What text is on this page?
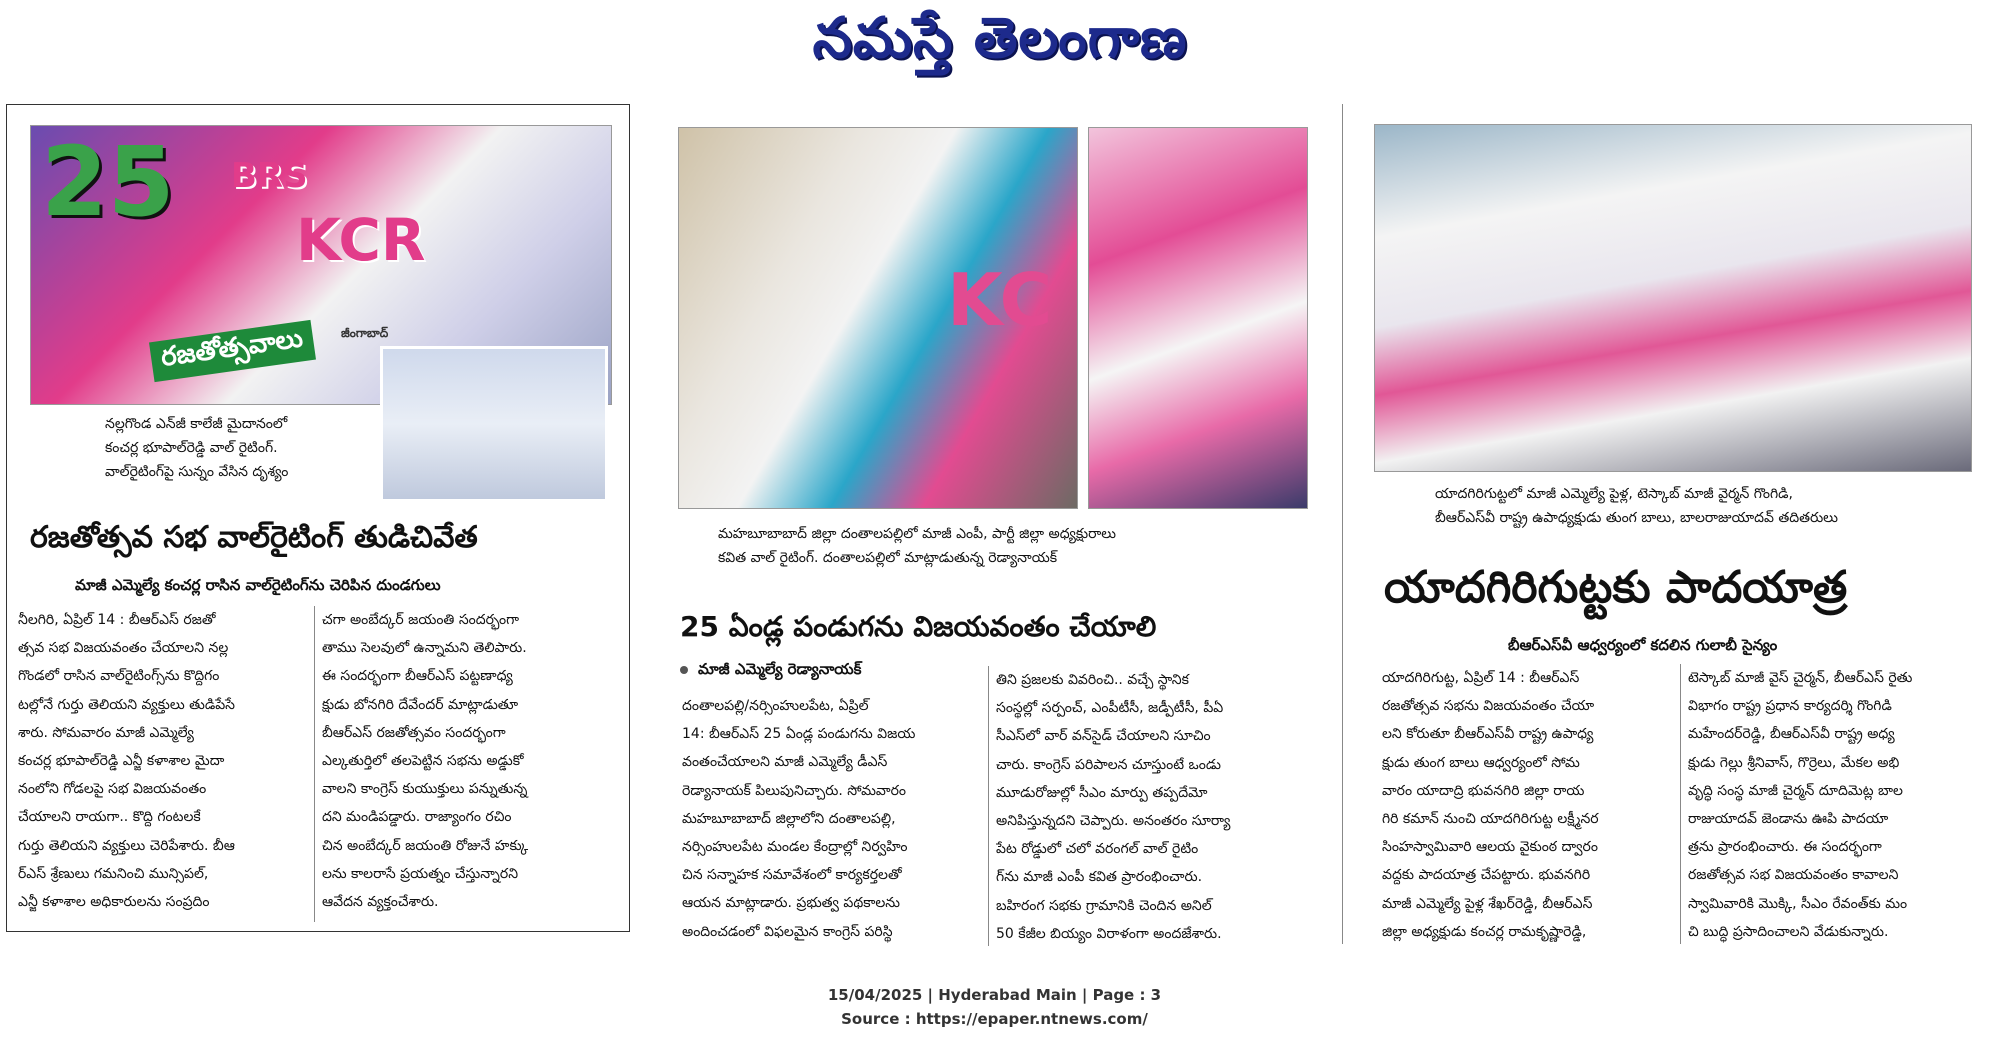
నమస్తే తెలంగాణ
25 BRS
KCR
రజతోత్సవాలు	జీంగాబాద్
నల్లగొండ ఎన్‌జీ కాలేజీ మైదానంలో
కంచర్ల భూపాల్‌రెడ్డి వాల్ రైటింగ్.
వాల్‌రైటింగ్‌పై సున్నం వేసిన దృశ్యం
రజతోత్సవ సభ వాల్‌రైటింగ్ తుడిచివేత
మాజీ ఎమ్మెల్యే కంచర్ల రాసిన వాల్‌రైటింగ్‌ను చెరిపిన దుండగులు
నీలగిరి, ఏప్రిల్ 14 : బీఆర్‌ఎస్ రజతో
త్సవ సభ విజయవంతం చేయాలని నల్ల
గొండలో రాసిన వాల్‌రైటింగ్స్‌ను కొద్దిగం
టల్లోనే గుర్తు తెలియని వ్యక్తులు తుడిపేసే
శారు. సోమవారం మాజీ ఎమ్మెల్యే
కంచర్ల భూపాల్‌రెడ్డి ఎన్జీ కళాశాల మైదా
నంలోని గోడలపై సభ విజయవంతం
చేయాలని రాయగా.. కొద్ది గంటలకే
గుర్తు తెలియని వ్యక్తులు చెరిపేశారు. బీఆ
ర్‌ఎస్ శ్రేణులు గమనించి మున్సిపల్,
ఎన్జీ కళాశాల అధికారులను సంప్రదిం
చగా అంబేద్కర్ జయంతి సందర్భంగా
తాము సెలవులో ఉన్నామని తెలిపారు.
ఈ సందర్భంగా బీఆర్‌ఎస్ పట్టణాధ్య
క్షుడు బోనగిరి దేవేందర్ మాట్లాడుతూ
బీఆర్‌ఎస్ రజతోత్సవం సందర్భంగా
ఎల్కతుర్తిలో తలపెట్టిన సభను అడ్డుకో
వాలని కాంగ్రెస్ కుయుక్తులు పన్నుతున్న
దని మండిపడ్డారు. రాజ్యాంగం రచిం
చిన అంబేద్కర్ జయంతి రోజునే హక్కు
లను కాలరాసే ప్రయత్నం చేస్తున్నారని
ఆవేదన వ్యక్తంచేశారు.
KC
మహబూబాబాద్ జిల్లా దంతాలపల్లిలో మాజీ ఎంపీ, పార్టీ జిల్లా అధ్యక్షురాలు
కవిత వాల్ రైటింగ్. దంతాలపల్లిలో మాట్లాడుతున్న రెడ్యానాయక్
25 ఏండ్ల పండుగను విజయవంతం చేయాలి
మాజీ ఎమ్మెల్యే రెడ్యానాయక్
దంతాలపల్లి/నర్సింహులపేట, ఏప్రిల్
14: బీఆర్‌ఎస్ 25 ఏండ్ల పండుగను విజయ
వంతంచేయాలని మాజీ ఎమ్మెల్యే డీఎస్
రెడ్యానాయక్ పిలుపునిచ్చారు. సోమవారం
మహబూబాబాద్ జిల్లాలోని దంతాలపల్లి,
నర్సింహులపేట మండల కేంద్రాల్లో నిర్వహిం
చిన సన్నాహక సమావేశంలో కార్యకర్తలతో
ఆయన మాట్లాడారు. ప్రభుత్వ పథకాలను
అందించడంలో విఫలమైన కాంగ్రెస్ పరిస్థి
తిని ప్రజలకు వివరించి.. వచ్చే స్థానిక
సంస్థల్లో సర్పంచ్, ఎంపీటీసీ, జడ్పీటీసీ, పీఏ
సీఎస్‌లో వార్ వన్‌సైడ్ చేయాలని సూచిం
చారు. కాంగ్రెస్ పరిపాలన చూస్తుంటే ఒండు
మూడురోజుల్లో సీఎం మార్పు తప్పదేమో
అనిపిస్తున్నదని చెప్పారు. అనంతరం సూర్యా
పేట రోడ్డులో చలో వరంగల్ వాల్ రైటిం
గ్‌ను మాజీ ఎంపీ కవిత ప్రారంభించారు.
బహిరంగ సభకు గ్రామానికి చెందిన అనిల్
50 కేజీల బియ్యం విరాళంగా అందజేశారు.
యాదగిరిగుట్టలో మాజీ ఎమ్మెల్యే పైళ్ల, టెస్కాబ్ మాజీ వైర్మన్ గొంగిడి,
బీఆర్‌ఎస్‌వీ రాష్ట్ర ఉపాధ్యక్షుడు తుంగ బాలు, బాలరాజుయాదవ్ తదితరులు
యాదగిరిగుట్టకు పాదయాత్ర
బీఆర్‌ఎస్‌వీ ఆధ్వర్యంలో కదలిన గులాబీ సైన్యం
యాదగిరిగుట్ట, ఏప్రిల్ 14 : బీఆర్‌ఎస్
రజతోత్సవ సభను విజయవంతం చేయా
లని కోరుతూ బీఆర్‌ఎస్‌వీ రాష్ట్ర ఉపాధ్య
క్షుడు తుంగ బాలు ఆధ్వర్యంలో సోమ
వారం యాదాద్రి భువనగిరి జిల్లా రాయ
గిరి కమాన్ నుంచి యాదగిరిగుట్ట లక్ష్మీనర
సింహస్వామివారి ఆలయ వైకుంఠ ద్వారం
వద్దకు పాదయాత్ర చేపట్టారు. భువనగిరి
మాజీ ఎమ్మెల్యే పైళ్ల శేఖర్‌రెడ్డి, బీఆర్‌ఎస్
జిల్లా అధ్యక్షుడు కంచర్ల రామకృష్ణారెడ్డి,
టెస్కాబ్ మాజీ వైస్ చైర్మన్, బీఆర్‌ఎస్ రైతు
విభాగం రాష్ట్ర ప్రధాన కార్యదర్శి గొంగిడి
మహేందర్‌రెడ్డి, బీఆర్‌ఎస్‌వీ రాష్ట్ర అధ్య
క్షుడు గెల్లు శ్రీనివాస్, గొర్రెలు, మేకల అభి
వృద్ధి సంస్థ మాజీ చైర్మన్ దూదిమెట్ల బాల
రాజుయాదవ్ జెండాను ఊపి పాదయా
త్రను ప్రారంభించారు. ఈ సందర్భంగా
రజతోత్సవ సభ విజయవంతం కావాలని
స్వామివారికి మొక్కి, సీఎం రేవంత్‌కు మం
చి బుద్ధి ప్రసాదించాలని వేడుకున్నారు.
15/04/2025 | Hyderabad Main | Page : 3
Source : https://epaper.ntnews.com/
